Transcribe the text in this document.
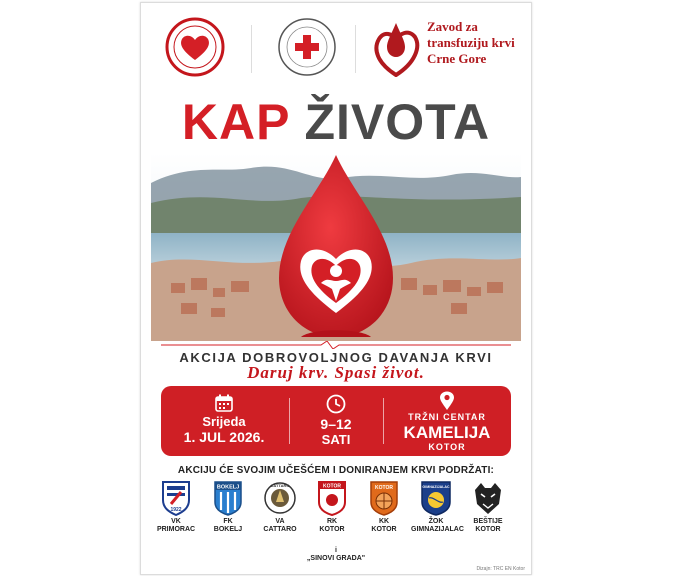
Zavod za
transfuziju krvi
Crne Gore
KAP ŽIVOTA
AKCIJA DOBROVOLJNOG DAVANJA KRVI
Daruj krv. Spasi život.
Srijeda
1. JUL 2026.
9–12
SATI
TRŽNI CENTAR
KAMELIJA
KOTOR
AKCIJU ĆE SVOJIM UČEŠĆEM I DONIRANJEM KRVI PODRŽATI:
1922
VK
PRIMORAC
BOKELJ
FK
BOKELJ
CATTARO
VA
CATTARO
KOTOR
RK
KOTOR
KOTOR
KK
KOTOR
GIMNAZIJALAC
ŽOK
GIMNAZIJALAC
BEŠTIJE
KOTOR
i
„SINOVI GRADA"
Dizajn: TRC EN Kotor
